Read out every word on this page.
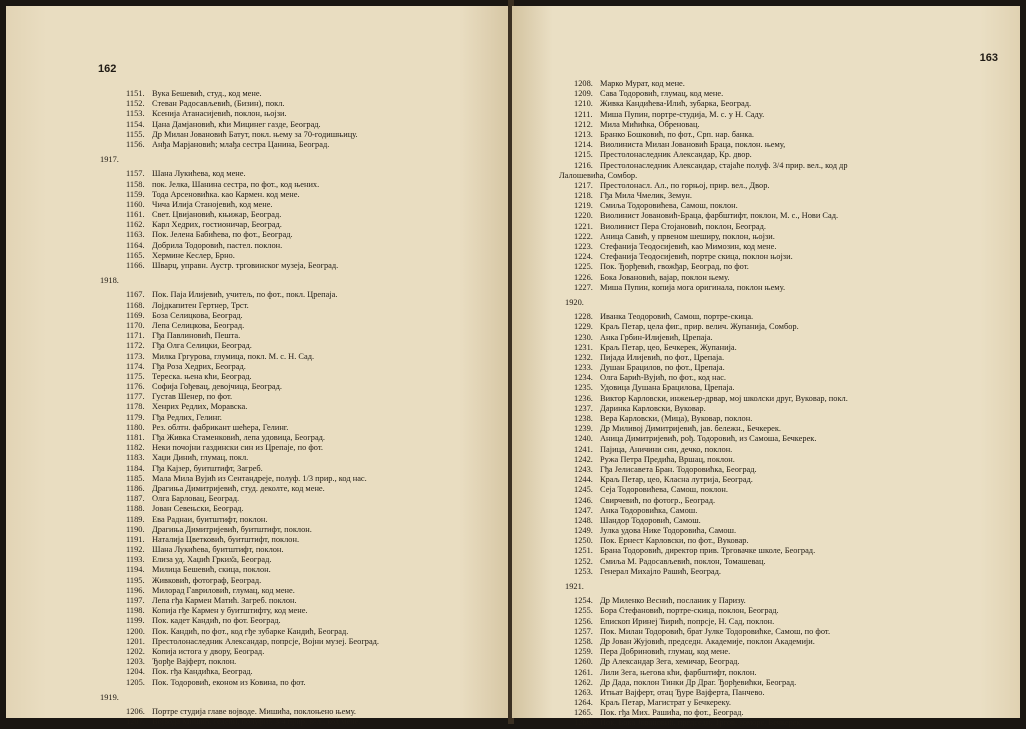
162
1151. Вука Бешевић, студ., код мене.
1152. Стеван Радосављевић, (Бизин), покл.
1153. Ксенија Атанасијевић, поклон, њојзи.
1154. Цана Дамјановић, кћи Мицинег газде, Београд.
1155. Др Милан Јовановић Батут, покл. њему за 70-годишњицу.
1156. Анђа Марјановић; млађа сестра Цанина, Београд.
1917.
1157. Шана Лукићева, код мене.
1158. пок. Јелка, Шанина сестра, по фот., код њених.
1159. Тода Арсеновићка. као Кармен. код мене.
1160. Чича Илија Станојевић, код мене.
1161. Свет. Цвијановић, књижар, Београд.
1162. Карл Хедрих, гостионичар, Београд.
1163. Пок. Јелена Бабићева, по фот., Београд.
1164. Добрила Тодоровић, пастел. поклон.
1165. Хермине Кеслер, Брно.
1166. Шварц, управн. Аустр. трговинског музеја, Београд.
1918.
1167. Пок. Паја Илијевић, учитељ, по фот., покл. Црепаја.
1168. Лојдкапитен Гертнер, Трст.
1169. Боза Селицкова, Београд.
1170. Лепа Селицкова, Београд.
1171. Гђа Павлиновић, Пешта.
1172. Гђа Олга Селицки, Београд.
1173. Милка Гргурова, глумица, покл. М. с. Н. Сад.
1174. Гђа Роза Хедрих, Београд.
1175. Тереска. њена кћи, Београд.
1176. Софија Гођевац, девојчица, Београд.
1177. Густав Шенер, по фот.
1178. Хенрих Редлих, Моравска.
1179. Гђа Редлих, Гелинг.
1180. Рез. облтн. фабрикант шећера, Гелинг.
1181. Гђа Живка Стаменковић, лепа удовица, Београд.
1182. Неки почојни газдински син из Црепаје, по фот.
1183. Хаџи Динић, глумац, покл.
1184. Гђа Кајзер, буитштифт, Загреб.
1185. Мала Мила Вујић из Сентандреје, полуф. 1/3 прир., код нас.
1186. Драгиња Димитријевић, студ. деколте, код мене.
1187. Олга Барловац, Београд.
1188. Јован Севењски, Београд.
1189. Ева Раднаи, буитштифт, поклон.
1190. Драгиња Димитријевић, буитштифт, поклон.
1191. Наталија Цветковић, буитштифт, поклон.
1192. Шана Лукићева, буитштифт, поклон.
1193. Елиза уд. Хаџић Грких̌а, Београд.
1194. Милица Бешевић, скица, поклон.
1195. Живковић, фотограф, Београд.
1196. Милорад Гавриловић, глумац, код мене.
1197. Лепа гђа Кармен Матић. Загреб. поклон.
1198. Копија гђе Кармен у буитштифту, код мене.
1199. Пок. кадет Кандић, по фот. Београд.
1200. Пок. Кандић, по фот., код гђе зубарке Кандић, Београд.
1201. Престолонаследник Александар, попрсје, Војни музеј. Београд.
1202. Копија истога у двору, Београд.
1203. Ђорђе Вајферт, поклон.
1204. Пок. гђа Кандићка, Београд.
1205. Пок. Тодоровић, економ из Ковина, по фот.
1919.
1206. Портре студија главе војводе. Мишића, поклоњено њему.
1207. Војвода Мишић, седећи, полуфиг. 3/4 прир. вел., код мене.
163
1208. Марко Мурат, код мене.
1209. Сава Тодоровић, глумац, код мене.
1210. Живка Кандићева-Илић, зубарка, Београд.
1211. Миша Пупин, портре-студија, М. с. у Н. Саду.
1212. Мила Мићићка, Обреновац.
1213. Бранко Бошковић, по фот., Срп. нар. банка.
1214. Виолиниста Милан Јовановић Браца, поклон. њему,
1215. Престолонаследник Александар, Кр. двор.
1216. Престолонаследник Александар, стајаће полуф. 3/4 прир. вел., код др
Лалошевића, Сомбор.
1217. Престолонасл. Ал., по горњој, прир. вел., Двор.
1218. Гђа Мила Чмелик, Земун.
1219. Смиља Тодоровићева, Самош, поклон.
1220. Виолинист Јовановић-Браца, фарбштифт, поклон, М. с., Нови Сад.
1221. Виолинист Пера Стојановић, поклон, Београд.
1222. Аница Савић, у првеном шеширу, поклон, њојзи.
1223. Стефанија Теодосијевић, као Мимозин, код мене.
1224. Стефанија Теодосијевић, портре скица, поклон њојзи.
1225. Пок. Ђорђевић, гвожђар, Београд, по фот.
1226. Бока Јовановић, вајар, поклон њему.
1227. Миша Пупин, копија мога оригинала, поклон њему.
1920.
1228. Иванка Теодоровић, Самош, портре-скица.
1229. Краљ Петар, цела фиг., прир. велич. Жупанија, Сомбор.
1230. Анка Грбин-Илијевић, Црепаја.
1231. Краљ Петар, цео, Бечкерек, Жупанија.
1232. Пијада Илијевић, по фот., Црепаја.
1233. Душан Брацилов, по фот., Црепаја.
1234. Олга Барић-Вујић, по фот., код нас.
1235. Удовица Душана Брациловa, Црепаја.
1236. Виктор Карловски, инжењер-дрвар, мој школски друг, Вуковар, покл.
1237. Даринка Карловски, Вуковар.
1238. Вера Карловски, (Мица), Вуковар, поклон.
1239. Др Миливој Димитријевић, јав. бележн., Бечкерек.
1240. Аница Димитријевић, рођ. Тодоровић, из Самоша, Бечкерек.
1241. Пајица, Аничини син, дечко, поклон.
1242. Ружа Петра Предића, Вршац, поклон.
1243. Гђа Јелисавета Бран. Тодоровићка, Београд.
1244. Краљ Петар, цео, Класна лутрија, Београд.
1245. Сеја Тодоровићева, Самош, поклон.
1246. Свирчевић, по фотогр., Београд.
1247. Анка Тодоровићка, Самош.
1248. Шандор Тодоровић, Самош.
1249. Јулка удова Нике Тодоровића, Самош.
1250. Пок. Ернест Карловски, по фот., Вуковар.
1251. Брана Тодоровић, директор прив. Трговачке школе, Београд.
1252. Смиља М. Радосављевић, поклон, Томашевац.
1253. Генерал Михајло Рашић, Београд.
1921.
1254. Др Миленко Веснић, посланик у Паризу.
1255. Бора Стефановић, портре-скица, поклон, Београд.
1256. Епископ Иринеј Ћирић, попрсје, Н. Сад, поклон.
1257. Пок. Милан Тодоровић, брат Јулке Тодоровићке, Самош, по фот.
1258. Др Јован Жујовић, председн. Академије, поклон Академији.
1259. Пера Добриновић, глумац, код мене.
1260. Др Александар Зега, хемичар, Београд.
1261. Лили Зега, његова кћи, фарбштифт, поклон.
1262. Др Дада, поклон Тинки Др Драг. Ђорђевићки, Београд.
1263. Итњат Вајферт, отац Ђуре Вајферта, Панчево.
1264. Краљ Петар, Магистрат у Бечкереку.
1265. Пок. гђа Мих. Рашића, по фот., Београд.
1266. Пок. Бока Јовановић, председн. Тргов. коморе, Бечкерек.
